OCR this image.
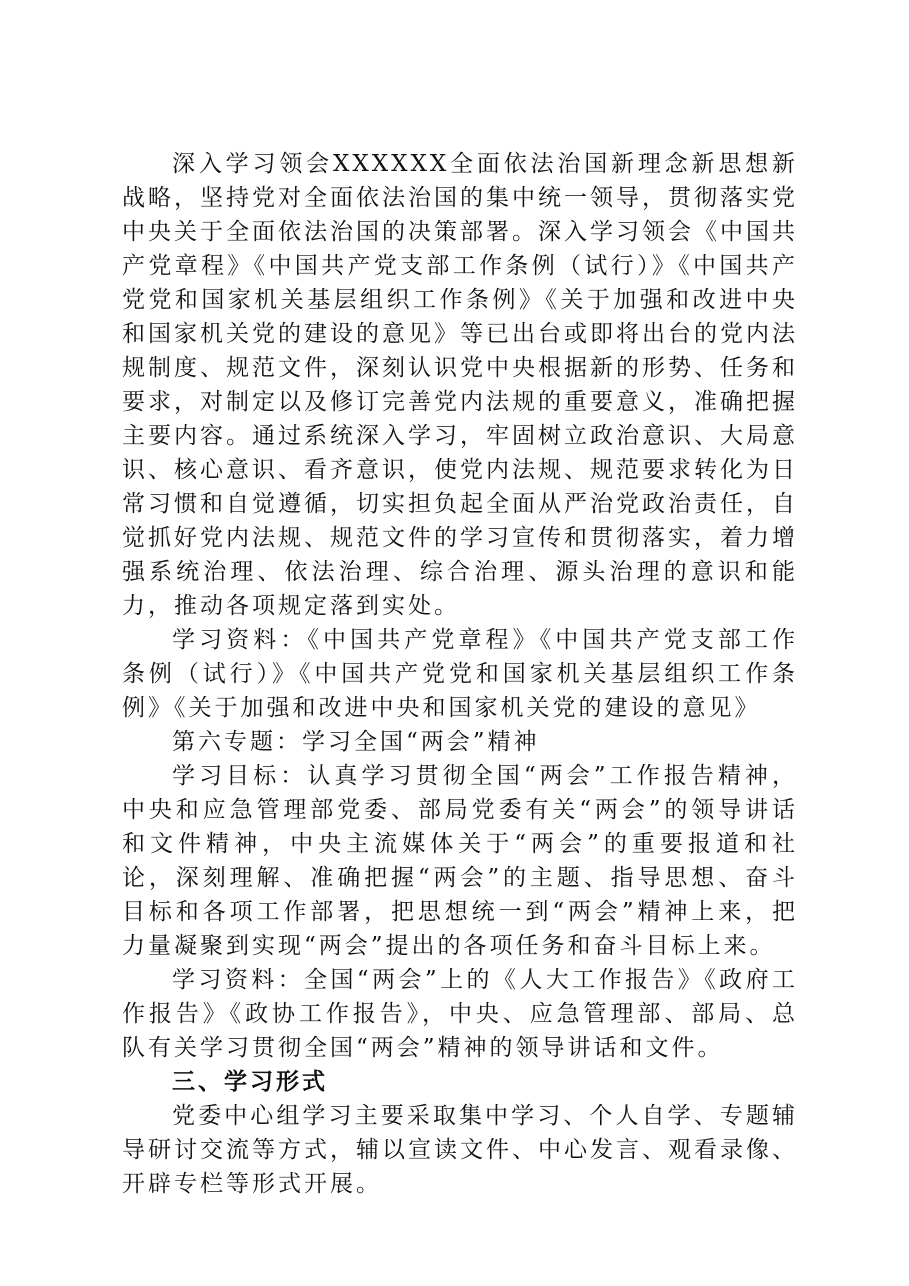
深入学习领会XXXXXX全面依法治国新理念新思想新战略，坚持党对全面依法治国的集中统一领导，贯彻落实党中央关于全面依法治国的决策部署。深入学习领会《中国共产党章程》《中国共产党支部工作条例（试行）》《中国共产党党和国家机关基层组织工作条例》《关于加强和改进中央和国家机关党的建设的意见》等已出台或即将出台的党内法规制度、规范文件，深刻认识党中央根据新的形势、任务和要求，对制定以及修订完善党内法规的重要意义，准确把握主要内容。通过系统深入学习，牢固树立政治意识、大局意识、核心意识、看齐意识，使党内法规、规范要求转化为日常习惯和自觉遵循，切实担负起全面从严治党政治责任，自觉抓好党内法规、规范文件的学习宣传和贯彻落实，着力增强系统治理、依法治理、综合治理、源头治理的意识和能力，推动各项规定落到实处。

学习资料：《中国共产党章程》《中国共产党支部工作条例（试行）》《中国共产党党和国家机关基层组织工作条例》《关于加强和改进中央和国家机关党的建设的意见》

第六专题：学习全国“两会”精神

学习目标：认真学习贯彻全国“两会”工作报告精神，中央和应急管理部党委、部局党委有关“两会”的领导讲话和文件精神，中央主流媒体关于“两会”的重要报道和社论，深刻理解、准确把握“两会”的主题、指导思想、奋斗目标和各项工作部署，把思想统一到“两会”精神上来，把力量凝聚到实现“两会”提出的各项任务和奋斗目标上来。

学习资料：全国“两会”上的《人大工作报告》《政府工作报告》《政协工作报告》，中央、应急管理部、部局、总队有关学习贯彻全国“两会”精神的领导讲话和文件。

三、学习形式

党委中心组学习主要采取集中学习、个人自学、专题辅导研讨交流等方式，辅以宣读文件、中心发言、观看录像、开辟专栏等形式开展。
